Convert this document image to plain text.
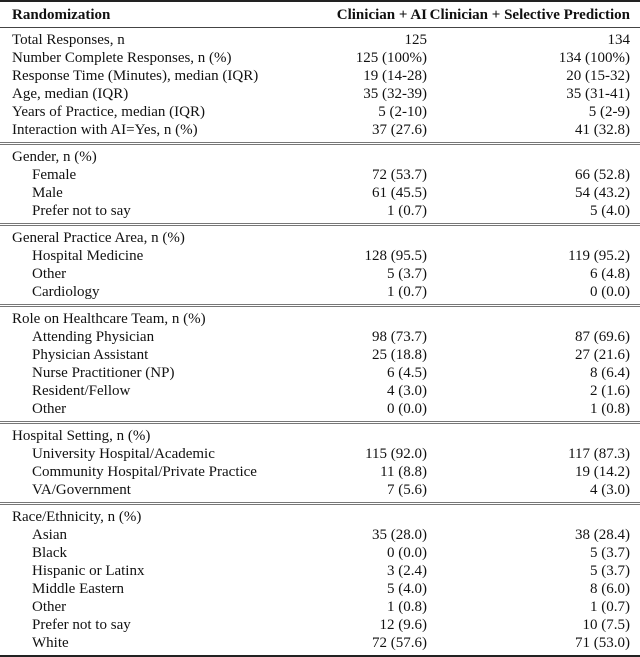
Randomization	Clinician + AI	Clinician + Selective Prediction
Total Responses, n	125	134
Number Complete Responses, n (%)	125 (100%)	134 (100%)
Response Time (Minutes), median (IQR)	19 (14-28)	20 (15-32)
Age, median (IQR)	35 (32-39)	35 (31-41)
Years of Practice, median (IQR)	5 (2-10)	5 (2-9)
Interaction with AI=Yes, n (%)	37 (27.6)	41 (32.8)
Gender, n (%)		
Female	72 (53.7)	66 (52.8)
Male	61 (45.5)	54 (43.2)
Prefer not to say	1 (0.7)	5 (4.0)
General Practice Area, n (%)		
Hospital Medicine	128 (95.5)	119 (95.2)
Other	5 (3.7)	6 (4.8)
Cardiology	1 (0.7)	0 (0.0)
Role on Healthcare Team, n (%)		
Attending Physician	98 (73.7)	87 (69.6)
Physician Assistant	25 (18.8)	27 (21.6)
Nurse Practitioner (NP)	6 (4.5)	8 (6.4)
Resident/Fellow	4 (3.0)	2 (1.6)
Other	0 (0.0)	1 (0.8)
Hospital Setting, n (%)		
University Hospital/Academic	115 (92.0)	117 (87.3)
Community Hospital/Private Practice	11 (8.8)	19 (14.2)
VA/Government	7 (5.6)	4 (3.0)
Race/Ethnicity, n (%)		
Asian	35 (28.0)	38 (28.4)
Black	0 (0.0)	5 (3.7)
Hispanic or Latinx	3 (2.4)	5 (3.7)
Middle Eastern	5 (4.0)	8 (6.0)
Other	1 (0.8)	1 (0.7)
Prefer not to say	12 (9.6)	10 (7.5)
White	72 (57.6)	71 (53.0)
